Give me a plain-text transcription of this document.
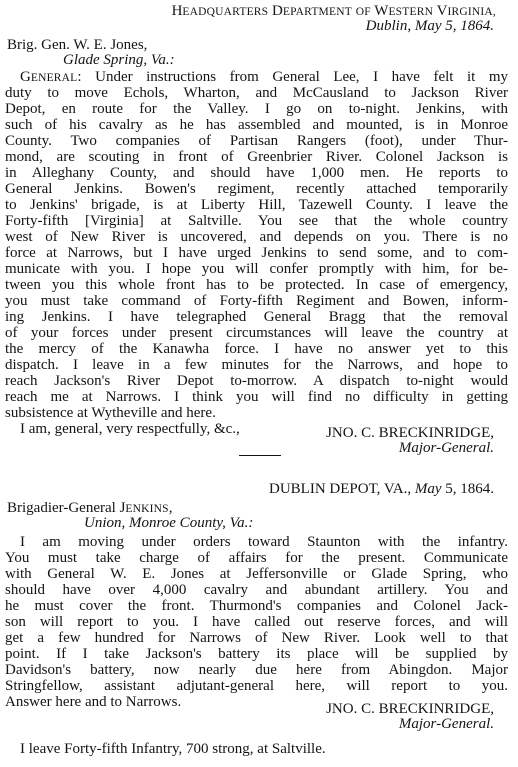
HEADQUARTERS DEPARTMENT OF WESTERN VIRGINIA,
Dublin, May 5, 1864.
Brig. Gen. W. E. Jones,
Glade Spring, Va.:
GENERAL: Under instructions from General Lee, I have felt it my
duty to move Echols, Wharton, and McCausland to Jackson River
Depot, en route for the Valley. I go on to-night. Jenkins, with
such of his cavalry as he has assembled and mounted, is in Monroe
County. Two companies of Partisan Rangers (foot), under Thur-
mond, are scouting in front of Greenbrier River. Colonel Jackson is
in Alleghany County, and should have 1,000 men. He reports to
General Jenkins. Bowen's regiment, recently attached temporarily
to Jenkins' brigade, is at Liberty Hill, Tazewell County. I leave the
Forty-fifth [Virginia] at Saltville. You see that the whole country
west of New River is uncovered, and depends on you. There is no
force at Narrows, but I have urged Jenkins to send some, and to com-
municate with you. I hope you will confer promptly with him, for be-
tween you this whole front has to be protected. In case of emergency,
you must take command of Forty-fifth Regiment and Bowen, inform-
ing Jenkins. I have telegraphed General Bragg that the removal
of your forces under present circumstances will leave the country at
the mercy of the Kanawha force. I have no answer yet to this
dispatch. I leave in a few minutes for the Narrows, and hope to
reach Jackson's River Depot to-morrow. A dispatch to-night would
reach me at Narrows. I think you will find no difficulty in getting
subsistence at Wytheville and here.
I am, general, very respectfully, &c.,	JNO. C. BRECKINRIDGE,
Major-General.
DUBLIN DEPOT, VA., May 5, 1864.
Brigadier-General JENKINS,
Union, Monroe County, Va.:
I am moving under orders toward Staunton with the infantry.
You must take charge of affairs for the present. Communicate
with General W. E. Jones at Jeffersonville or Glade Spring, who
should have over 4,000 cavalry and abundant artillery. You and
he must cover the front. Thurmond's companies and Colonel Jack-
son will report to you. I have called out reserve forces, and will
get a few hundred for Narrows of New River. Look well to that
point. If I take Jackson's battery its place will be supplied by
Davidson's battery, now nearly due here from Abingdon. Major
Stringfellow, assistant adjutant-general here, will report to you.
Answer here and to Narrows.	JNO. C. BRECKINRIDGE,
Major-General.
I leave Forty-fifth Infantry, 700 strong, at Saltville.
